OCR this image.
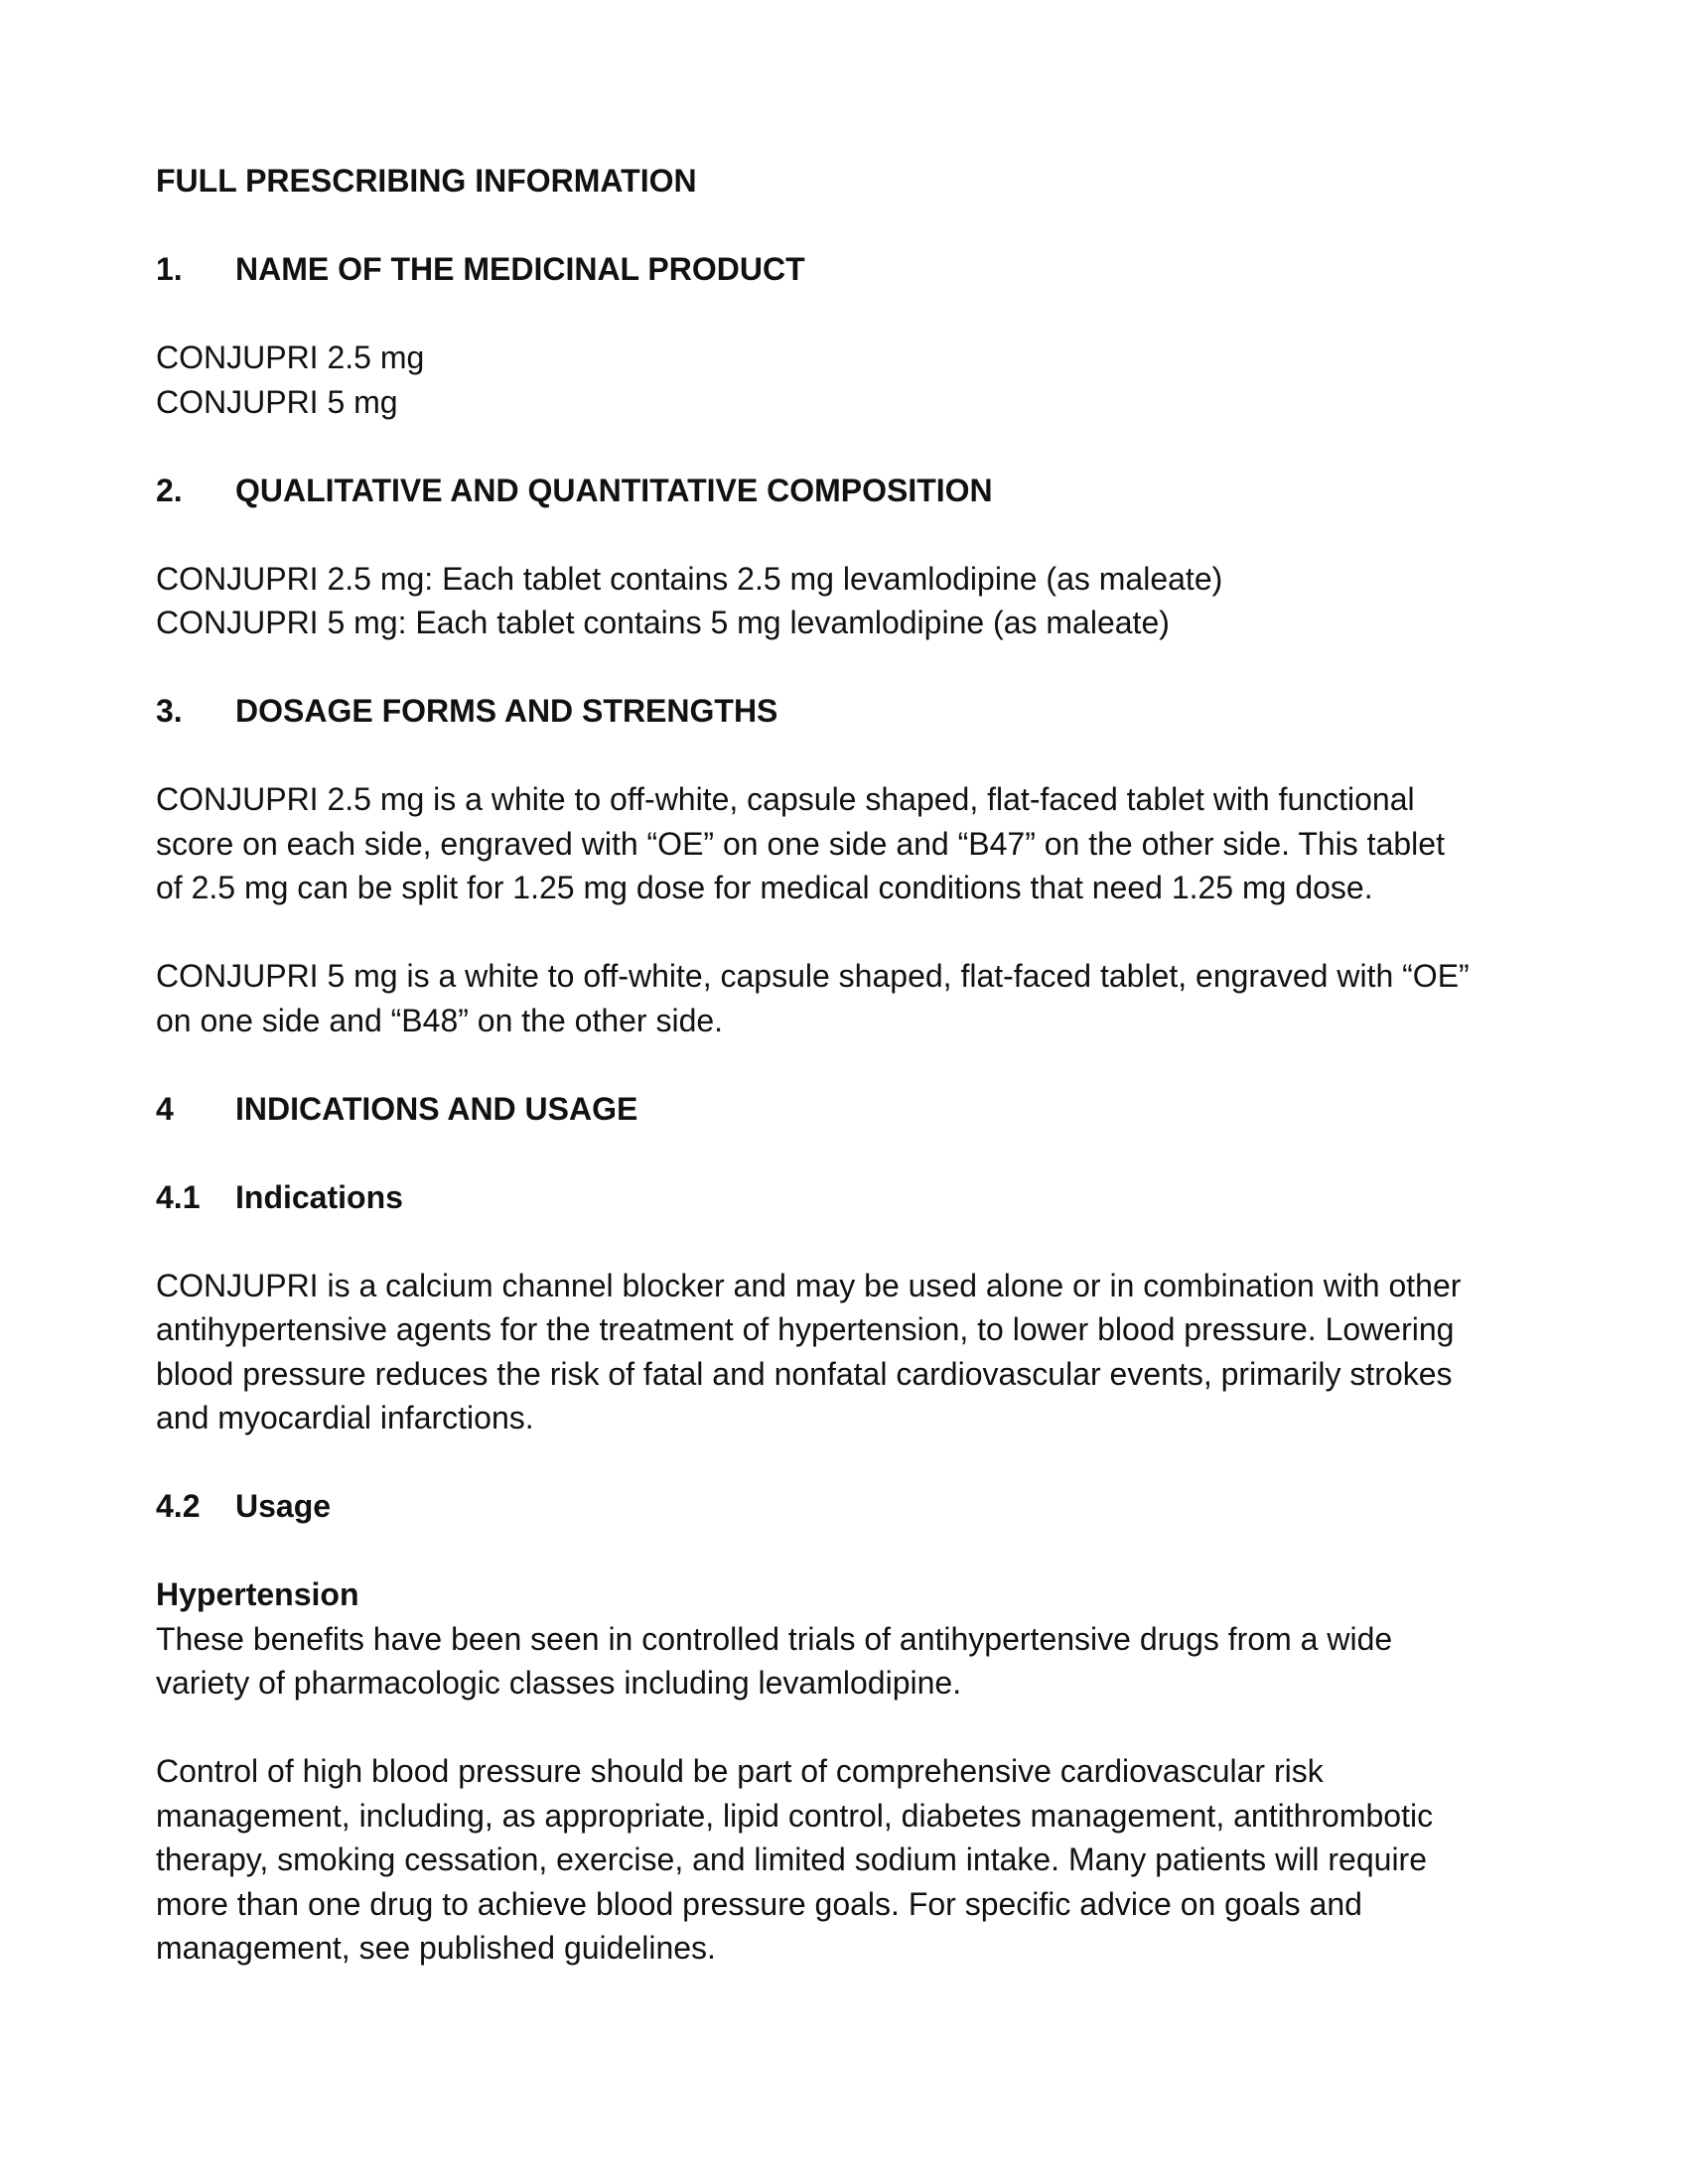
FULL PRESCRIBING INFORMATION
1.	NAME OF THE MEDICINAL PRODUCT
CONJUPRI 2.5 mg
CONJUPRI 5 mg
2.	QUALITATIVE AND QUANTITATIVE COMPOSITION
CONJUPRI 2.5 mg: Each tablet contains 2.5 mg levamlodipine (as maleate)
CONJUPRI 5 mg: Each tablet contains 5 mg levamlodipine (as maleate)
3.	DOSAGE FORMS AND STRENGTHS
CONJUPRI 2.5 mg is a white to off-white, capsule shaped, flat-faced tablet with functional
score on each side, engraved with “OE” on one side and “B47” on the other side. This tablet
of 2.5 mg can be split for 1.25 mg dose for medical conditions that need 1.25 mg dose.
CONJUPRI 5 mg is a white to off-white, capsule shaped, flat-faced tablet, engraved with “OE”
on one side and “B48” on the other side.
4	INDICATIONS AND USAGE
4.1	Indications
CONJUPRI is a calcium channel blocker and may be used alone or in combination with other
antihypertensive agents for the treatment of hypertension, to lower blood pressure. Lowering
blood pressure reduces the risk of fatal and nonfatal cardiovascular events, primarily strokes
and myocardial infarctions.
4.2	Usage
Hypertension
These benefits have been seen in controlled trials of antihypertensive drugs from a wide
variety of pharmacologic classes including levamlodipine.
Control of high blood pressure should be part of comprehensive cardiovascular risk
management, including, as appropriate, lipid control, diabetes management, antithrombotic
therapy, smoking cessation, exercise, and limited sodium intake. Many patients will require
more than one drug to achieve blood pressure goals. For specific advice on goals and
management, see published guidelines.
